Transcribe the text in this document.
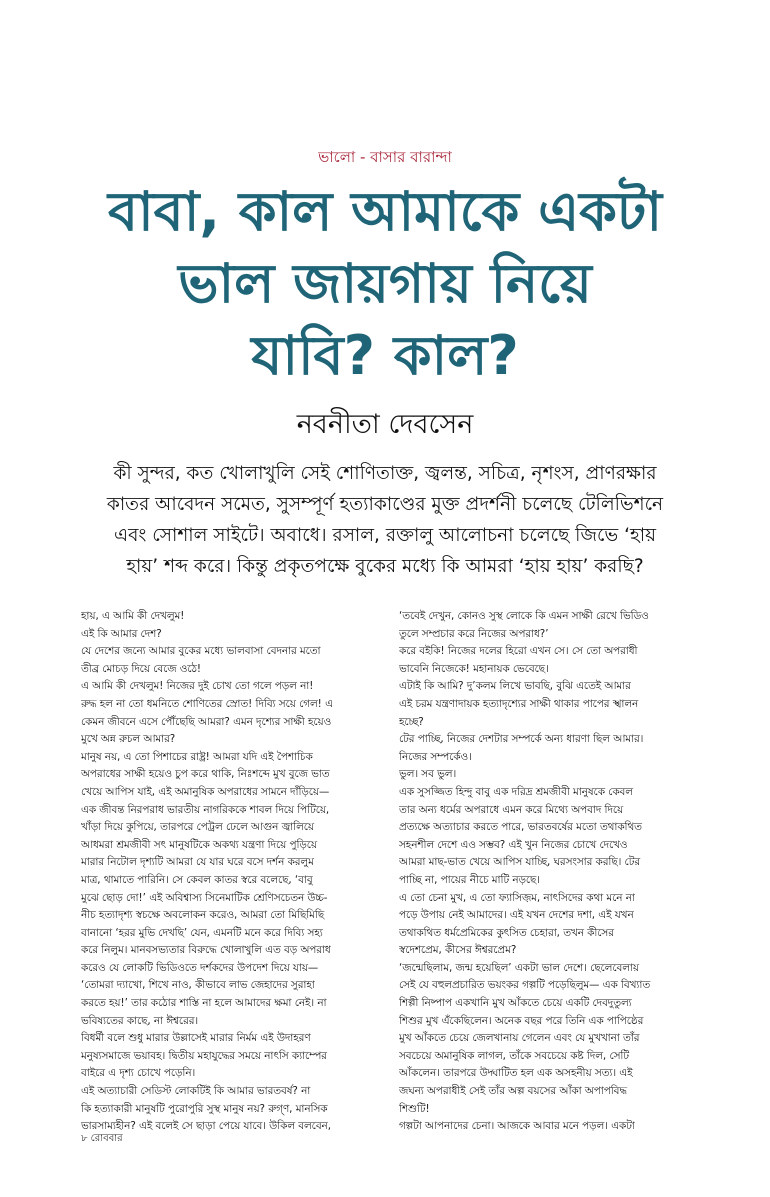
ভালো - বাসার বারান্দা
বাবা, কাল আমাকে একটা
ভাল জায়গায় নিয়ে
যাবি? কাল?
নবনীতা দেবসেন

কী সুন্দর, কত খোলাখুলি সেই শোণিতাক্ত, জ্বলন্ত, সচিত্র, নৃশংস, প্রাণরক্ষার
কাতর আবেদন সমেত, সুসম্পূর্ণ হত্যাকাণ্ডের মুক্ত প্রদর্শনী চলেছে টেলিভিশনে
এবং সোশাল সাইটে। অবাধে। রসাল, রক্তালু আলোচনা চলেছে জিভে ‘হায়
হায়’ শব্দ করে। কিন্তু প্রকৃতপক্ষে বুকের মধ্যে কি আমরা ‘হায় হায়’ করছি?

হায়, এ আমি কী দেখলুম!
এই কি আমার দেশ?
যে দেশের জন্যে আমার বুকের মধ্যে ভালবাসা বেদনার মতো
তীব্র মোচড় দিয়ে বেজে ওঠে!
এ আমি কী দেখলুম! নিজের দুই চোখ তো গলে পড়ল না!
রুদ্ধ হল না তো ধমনিতে শোণিতের স্রোত! দিব্যি সয়ে গেল! এ
কেমন জীবনে এসে পৌঁছেছি আমরা? এমন দৃশ্যের সাক্ষী হয়েও
মুখে অন্ন রুচল আমার?
মানুষ নয়, এ তো পিশাচের রাষ্ট্র! আমরা যদি এই পৈশাচিক
অপরাধের সাক্ষী হয়েও চুপ করে থাকি, নিঃশব্দে মুখ বুজে ভাত
খেয়ে আপিস যাই, এই অমানুষিক অপরাধের সামনে দাঁড়িয়ে—
এক জীবন্ত নিরপরাধ ভারতীয় নাগরিককে শাবল দিয়ে পিটিয়ে,
খাঁড়া দিয়ে কুপিয়ে, তারপরে পেট্রল ঢেলে আগুন জ্বালিয়ে
আধমরা শ্রমজীবী সৎ মানুষটিকে অকথ্য যন্ত্রণা দিয়ে পুড়িয়ে
মারার নিটোল দৃশ্যটি আমরা যে যার ঘরে বসে দর্শন করলুম
মাত্র, থামাতে পারিনি। সে কেবল কাতর স্বরে বলেছে, ‘বাবু
মুঝে ছোড় দো!’ এই অবিশ্বাস্য সিনেমাটিক শ্রেণিসচেতন উচ্চ-
নীচ হত্যাদৃশ্য স্বচক্ষে অবলোকন করেও, আমরা তো মিছিমিছি
বানানো ‘হরর মুভি দেখছি’ যেন, এমনটি মনে করে দিব্যি সহ্য
করে নিলুম। মানবসভ্যতার বিরুদ্ধে খোলাখুলি এত বড় অপরাধ
করেও যে লোকটি ভিডিওতে দর্শকদের উপদেশ দিয়ে যায়—
‘তোমরা দ্যাখো, শিখে নাও, কীভাবে লাভ জেহাদের সুরাহা
করতে হয়!’ তার কঠোর শাস্তি না হলে আমাদের ক্ষমা নেই। না
ভবিষ্যতের কাছে, না ঈশ্বরের।
বিধর্মী বলে শুধু মারার উল্লাসেই মারার নির্মম এই উদাহরণ
মনুষ্যসমাজে ভয়াবহ। দ্বিতীয় মহাযুদ্ধের সময়ে নাৎসি ক্যাম্পের
বাইরে এ দৃশ্য চোখে পড়েনি।
এই অত্যাচারী সেডিস্ট লোকটিই কি আমার ভারতবর্ষ? না
কি হত্যাকারী মানুষটি পুরোপুরি সুস্থ মানুষ নয়? রুগ্ণ, মানসিক
ভারসাম্যহীন? এই বলেই সে ছাড়া পেয়ে যাবে। উকিল বলবেন,
‘তবেই দেখুন, কোনও সুস্থ লোকে কি এমন সাক্ষী রেখে ভিডিও
তুলে সম্প্রচার করে নিজের অপরাধ?’
করে বইকি! নিজের দলের হিরো এখন সে। সে তো অপরাধী
ভাবেনি নিজেকে! মহানায়ক ভেবেছে।
এটাই কি আমি? দু’কলম লিখে ভাবছি, বুঝি এতেই আমার
এই চরম যন্ত্রণাদায়ক হত্যাদৃশ্যের সাক্ষী থাকার পাপের স্খালন
হচ্ছে?
টের পাচ্ছি, নিজের দেশটার সম্পর্কে অন্য ধারণা ছিল আমার।
নিজের সম্পর্কেও।
ভুল। সব ভুল।
এক সুসজ্জিত হিন্দু বাবু এক দরিদ্র শ্রমজীবী মানুষকে কেবল
তার অন্য ধর্মের অপরাধে এমন করে মিথ্যে অপবাদ দিয়ে
প্রত্যক্ষে অত্যাচার করতে পারে, ভারতবর্ষের মতো তথাকথিত
সহনশীল দেশে এও সম্ভব? এই খুন নিজের চোখে দেখেও
আমরা মাছ-ভাত খেয়ে আপিস যাচ্ছি, ঘরসংসার করছি। টের
পাচ্ছি না, পায়ের নীচে মাটি নড়ছে।
এ তো চেনা মুখ, এ তো ফ্যাসিজ়ম, নাৎসিদের কথা মনে না
পড়ে উপায় নেই আমাদের। এই যখন দেশের দশা, এই যখন
তথাকথিত ধর্মপ্রেমিকের কুৎসিত চেহারা, তখন কীসের
স্বদেশপ্রেম, কীসের ঈশ্বরপ্রেম?
‘জন্মেছিলাম, জন্ম হয়েছিল’ একটা ভাল দেশে। ছেলেবেলায়
সেই যে বহুলপ্রচারিত ভয়ংকর গল্পটি পড়েছিলুম— এক বিখ্যাত
শিল্পী নিষ্পাপ একখানি মুখ আঁকতে চেয়ে একটি দেবদুতুল্য
শিশুর মুখ এঁকেছিলেন। অনেক বছর পরে তিনি এক পাপিষ্ঠের
মুখ আঁকতে চেয়ে জেলখানায় গেলেন এবং যে মুখখানা তাঁর
সবচেয়ে অমানুষিক লাগল, তাঁকে সবচেয়ে কষ্ট দিল, সেটি
আঁকলেন। তারপরে উদ্ঘাটিত হল এক অসহনীয় সত্য। এই
জঘন্য অপরাধীই সেই তাঁর অল্প বয়সের আঁকা অপাপবিদ্ধ
শিশুটি!
গল্পটা আপনাদের চেনা। আজকে আবার মনে পড়ল। একটা
৮ রোববার
